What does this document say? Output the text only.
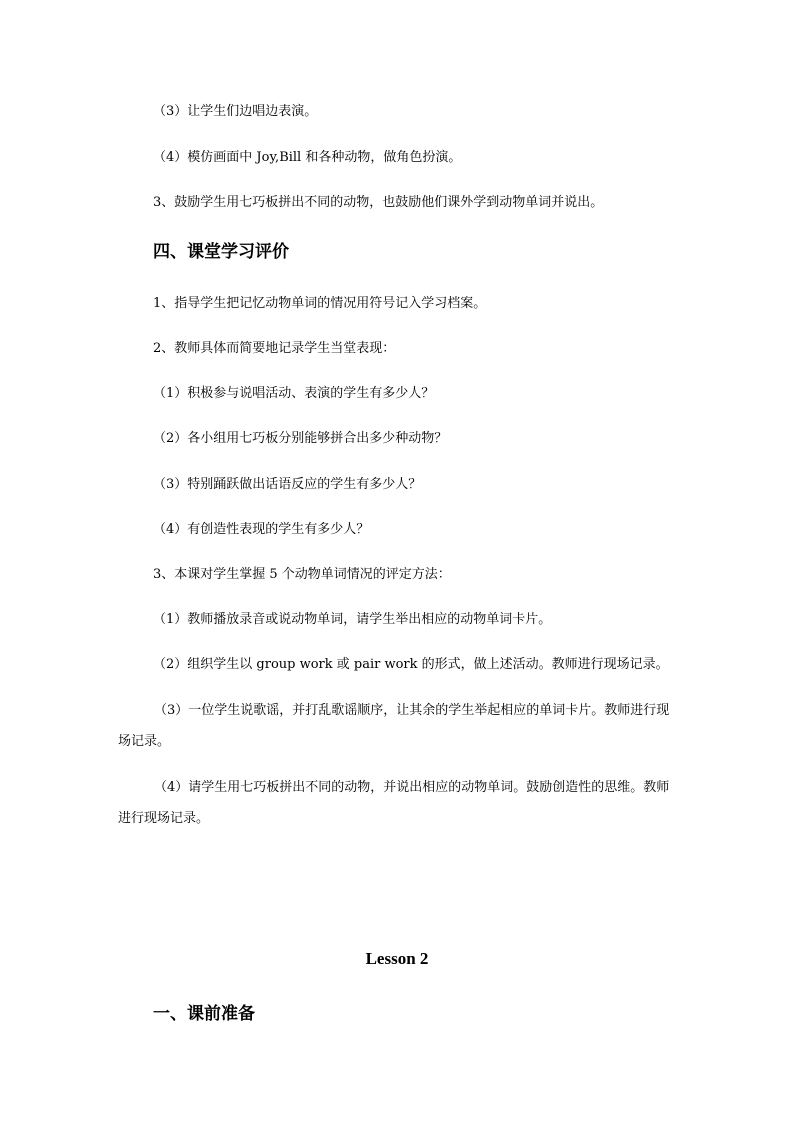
（3）让学生们边唱边表演。
（4）模仿画面中 Joy,Bill 和各种动物，做角色扮演。
3、鼓励学生用七巧板拼出不同的动物，也鼓励他们课外学到动物单词并说出。
四、课堂学习评价
1、指导学生把记忆动物单词的情况用符号记入学习档案。
2、教师具体而简要地记录学生当堂表现：
（1）积极参与说唱活动、表演的学生有多少人？
（2）各小组用七巧板分别能够拼合出多少种动物？
（3）特别踊跃做出话语反应的学生有多少人？
（4）有创造性表现的学生有多少人？
3、本课对学生掌握 5 个动物单词情况的评定方法：
（1）教师播放录音或说动物单词，请学生举出相应的动物单词卡片。
（2）组织学生以 group work 或 pair work 的形式，做上述活动。教师进行现场记录。
（3）一位学生说歌谣，并打乱歌谣顺序，让其余的学生举起相应的单词卡片。教师进行现场记录。
（4）请学生用七巧板拼出不同的动物，并说出相应的动物单词。鼓励创造性的思维。教师进行现场记录。
Lesson 2
一、课前准备
